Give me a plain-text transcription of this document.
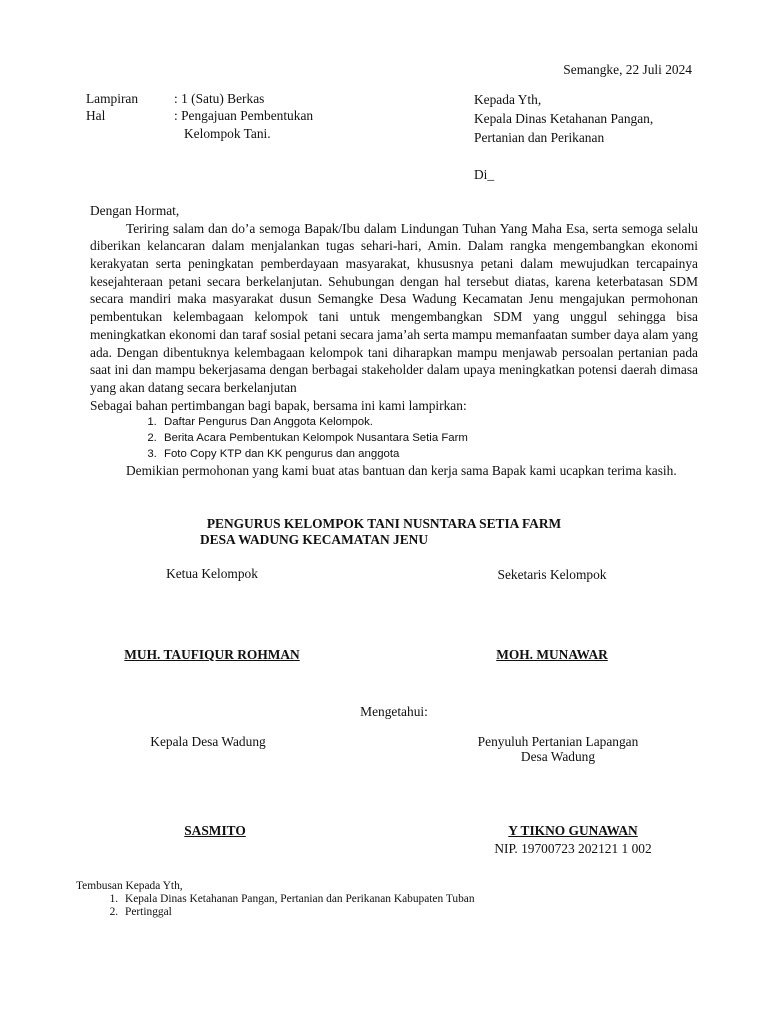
Semangke, 22 Juli 2024
Lampiran	: 1 (Satu) Berkas
Hal	: Pengajuan Pembentukan
Kelompok Tani.
Kepada Yth,
Kepala Dinas Ketahanan Pangan,
Pertanian dan Perikanan
Di_

Dengan Hormat,

Teriring salam dan do’a semoga Bapak/Ibu dalam Lindungan Tuhan Yang Maha Esa, serta semoga selalu diberikan kelancaran dalam menjalankan tugas sehari-hari, Amin. Dalam rangka mengembangkan ekonomi kerakyatan serta peningkatan pemberdayaan masyarakat, khususnya petani dalam mewujudkan tercapainya kesejahteraan petani secara berkelanjutan. Sehubungan dengan hal tersebut diatas, karena keterbatasan SDM secara mandiri maka masyarakat dusun Semangke Desa Wadung Kecamatan Jenu mengajukan permohonan pembentukan kelembagaan kelompok tani untuk mengembangkan SDM yang unggul sehingga bisa meningkatkan ekonomi dan taraf sosial petani secara jama’ah serta mampu memanfaatan sumber daya alam yang ada. Dengan dibentuknya kelembagaan kelompok tani diharapkan mampu menjawab persoalan pertanian pada saat ini dan mampu bekerjasama dengan berbagai stakeholder dalam upaya meningkatkan potensi daerah dimasa yang akan datang secara berkelanjutan

Sebagai bahan pertimbangan bagi bapak, bersama ini kami lampirkan:

1. Daftar Pengurus Dan Anggota Kelompok.
2. Berita Acara Pembentukan Kelompok Nusantara Setia Farm
3. Foto Copy KTP dan KK pengurus dan anggota

Demikian permohonan yang kami buat atas bantuan dan kerja sama Bapak kami ucapkan terima kasih.

PENGURUS KELOMPOK TANI NUSNTARA SETIA FARM
DESA WADUNG KECAMATAN JENU
Ketua Kelompok
MUH. TAUFIQUR ROHMAN
Seketaris Kelompok
MOH. MUNAWAR
Mengetahui:
Kepala Desa Wadung
SASMITO
Penyuluh Pertanian Lapangan
Desa Wadung
Y TIKNO GUNAWAN
NIP. 19700723 202121 1 002
Tembusan Kepada Yth,
1. Kepala Dinas Ketahanan Pangan, Pertanian dan Perikanan Kabupaten Tuban
2. Pertinggal
